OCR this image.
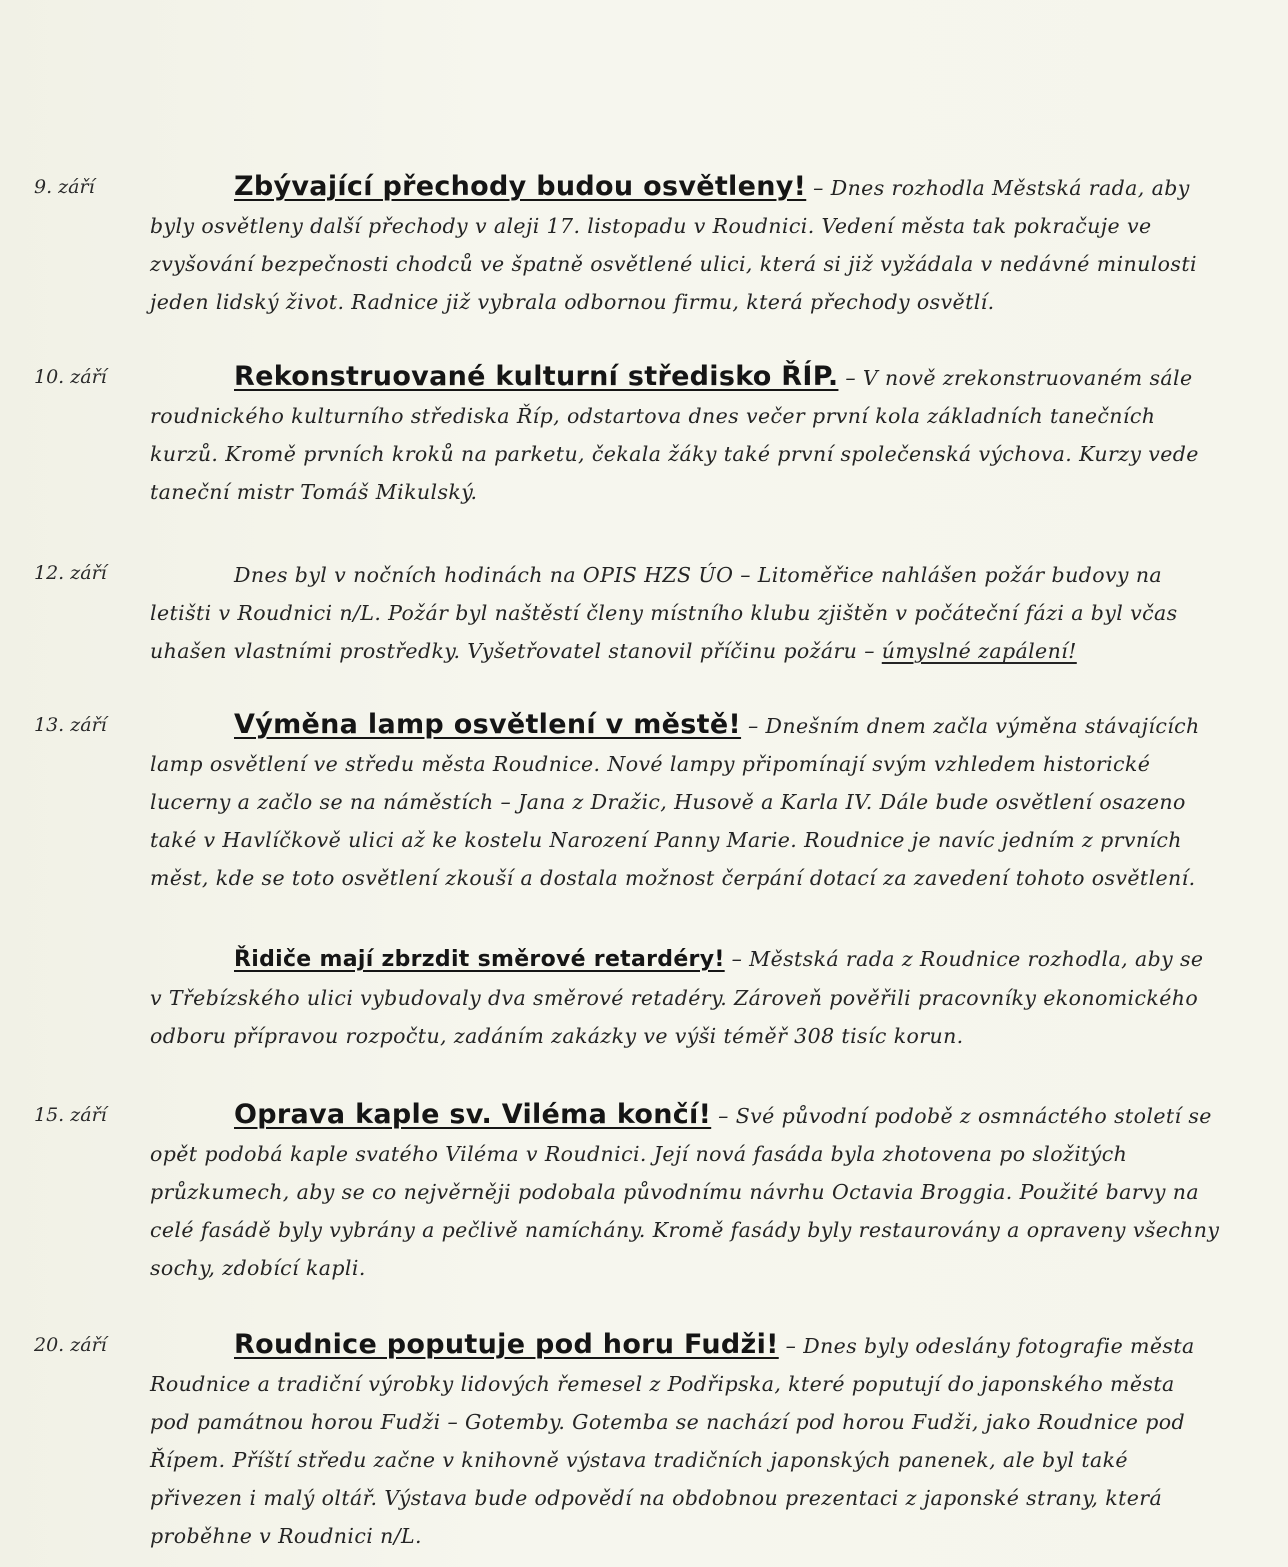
9. září	Zbývající přechody budou osvětleny! – Dnes rozhodla Městská rada, aby byly osvětleny další přechody v aleji 17. listopadu v Roudnici. Vedení města tak pokračuje ve zvyšování bezpečnosti chodců ve špatně osvětlené ulici, která si již vyžádala v nedávné minulosti jeden lidský život. Radnice již vybrala odbornou firmu, která přechody osvětlí.
10. září	Rekonstruované kulturní středisko ŘÍP. – V nově zrekonstruovaném sále roudnického kulturního střediska Říp, odstartova dnes večer první kola základních tanečních kurzů. Kromě prvních kroků na parketu, čekala žáky také první společenská výchova. Kurzy vede taneční mistr Tomáš Mikulský.
12. září	Dnes byl v nočních hodinách na OPIS HZS ÚO – Litoměřice nahlášen požár budovy na letišti v Roudnici n/L. Požár byl naštěstí členy místního klubu zjištěn v počáteční fázi a byl včas uhašen vlastními prostředky. Vyšetřovatel stanovil příčinu požáru – úmyslné zapálení!
13. září	Výměna lamp osvětlení v městě! – Dnešním dnem začla výměna stávajících lamp osvětlení ve středu města Roudnice. Nové lampy připomínají svým vzhledem historické lucerny a začlo se na náměstích – Jana z Dražic, Husově a Karla IV. Dále bude osvětlení osazeno také v Havlíčkově ulici až ke kostelu Narození Panny Marie. Roudnice je navíc jedním z prvních měst, kde se toto osvětlení zkouší a dostala možnost čerpání dotací za zavedení tohoto osvětlení.
Řidiče mají zbrzdit směrové retardéry! – Městská rada z Roudnice rozhodla, aby se v Třebízského ulici vybudovaly dva směrové retadéry. Zároveň pověřili pracovníky ekonomického odboru přípravou rozpočtu, zadáním zakázky ve výši téměř 308 tisíc korun.
15. září	Oprava kaple sv. Viléma končí! – Své původní podobě z osmnáctého století se opět podobá kaple svatého Viléma v Roudnici. Její nová fasáda byla zhotovena po složitých průzkumech, aby se co nejvěrněji podobala původnímu návrhu Octavia Broggia. Použité barvy na celé fasádě byly vybrány a pečlivě namíchány. Kromě fasády byly restaurovány a opraveny všechny sochy, zdobící kapli.
20. září	Roudnice poputuje pod horu Fudži! – Dnes byly odeslány fotografie města Roudnice a tradiční výrobky lidových řemesel z Podřipska, které poputují do japonského města pod památnou horou Fudži – Gotemby. Gotemba se nachází pod horou Fudži, jako Roudnice pod Řípem. Příští středu začne v knihovně výstava tradičních japonských panenek, ale byl také přivezen i malý oltář. Výstava bude odpovědí na obdobnou prezentaci z japonské strany, která proběhne v Roudnici n/L.
